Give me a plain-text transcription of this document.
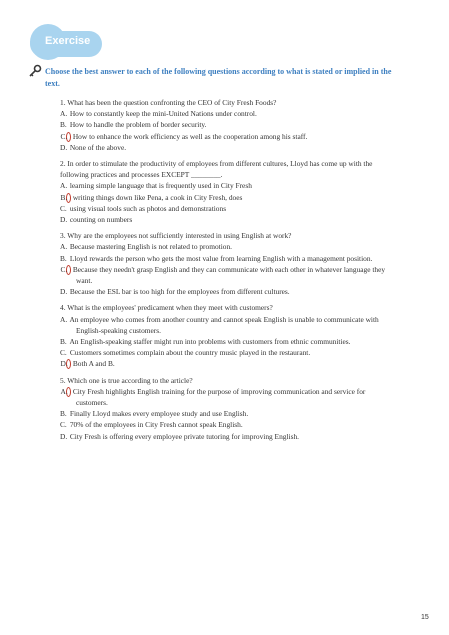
Exercise
Choose the best answer to each of the following questions according to what is stated or implied in the text.
1. What has been the question confronting the CEO of City Fresh Foods?
A. How to constantly keep the mini-United Nations under control.
B. How to handle the problem of border security.
C. How to enhance the work efficiency as well as the cooperation among his staff.
D. None of the above.
2. In order to stimulate the productivity of employees from different cultures, Lloyd has come up with the following practices and processes EXCEPT ________.
A. learning simple language that is frequently used in City Fresh
B. writing things down like Pena, a cook in City Fresh, does
C. using visual tools such as photos and demonstrations
D. counting on numbers
3. Why are the employees not sufficiently interested in using English at work?
A. Because mastering English is not related to promotion.
B. Lloyd rewards the person who gets the most value from learning English with a management position.
C. Because they needn't grasp English and they can communicate with each other in whatever language they want.
D. Because the ESL bar is too high for the employees from different cultures.
4. What is the employees' predicament when they meet with customers?
A. An employee who comes from another country and cannot speak English is unable to communicate with English-speaking customers.
B. An English-speaking staffer might run into problems with customers from ethnic communities.
C. Customers sometimes complain about the country music played in the restaurant.
D. Both A and B.
5. Which one is true according to the article?
A. City Fresh highlights English training for the purpose of improving communication and service for customers.
B. Finally Lloyd makes every employee study and use English.
C. 70% of the employees in City Fresh cannot speak English.
D. City Fresh is offering every employee private tutoring for improving English.
15
